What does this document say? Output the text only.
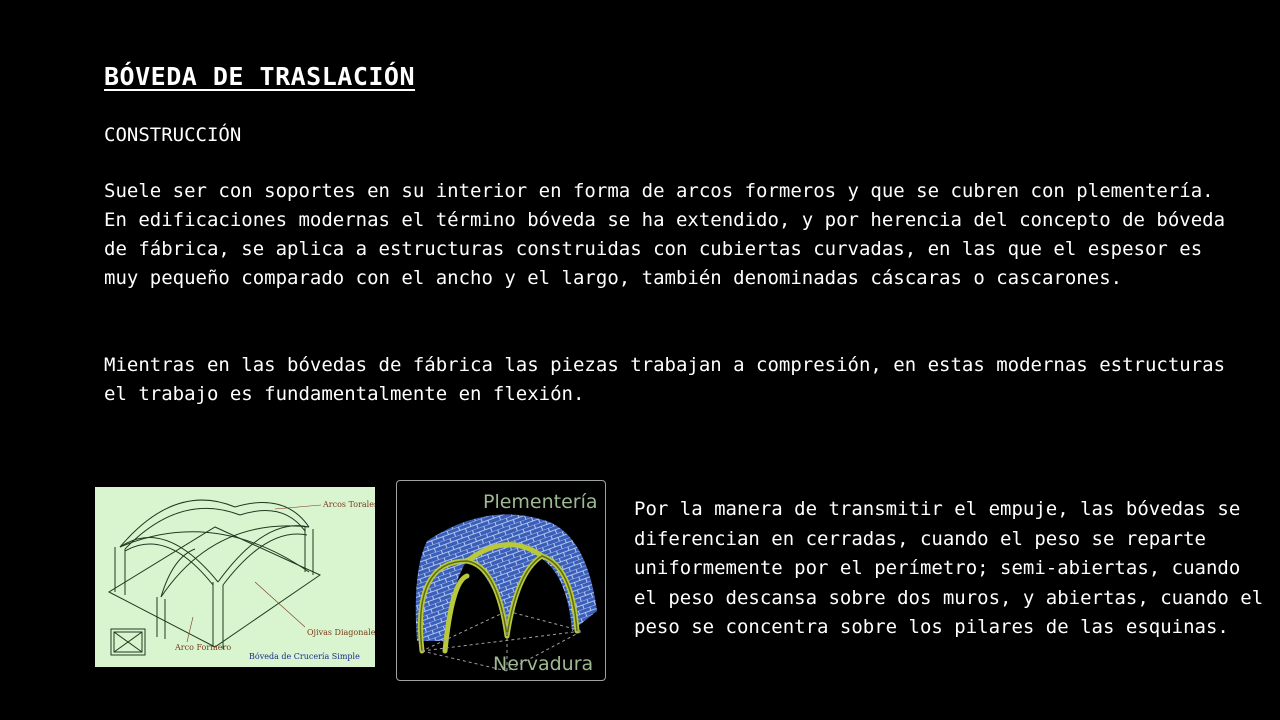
BÓVEDA DE TRASLACIÓN
CONSTRUCCIÓN

Suele ser con soportes en su interior en forma de arcos formeros y que se cubren con plementería. En edificaciones modernas el término bóveda se ha extendido, y por herencia del concepto de bóveda de fábrica, se aplica a estructuras construidas con cubiertas curvadas, en las que el espesor es muy pequeño comparado con el ancho y el largo, también denominadas cáscaras o cascarones.

Mientras en las bóvedas de fábrica las piezas trabajan a compresión, en estas modernas estructuras el trabajo es fundamentalmente en flexión.

Arcos Torales
Ojivas Diagonales
Arco Formero
Bóveda de Crucería Simple
Plementería
Nervadura

Por la manera de transmitir el empuje, las bóvedas se diferencian en cerradas, cuando el peso se reparte uniformemente por el perímetro; semi-abiertas, cuando el peso descansa sobre dos muros, y abiertas, cuando el peso se concentra sobre los pilares de las esquinas.
